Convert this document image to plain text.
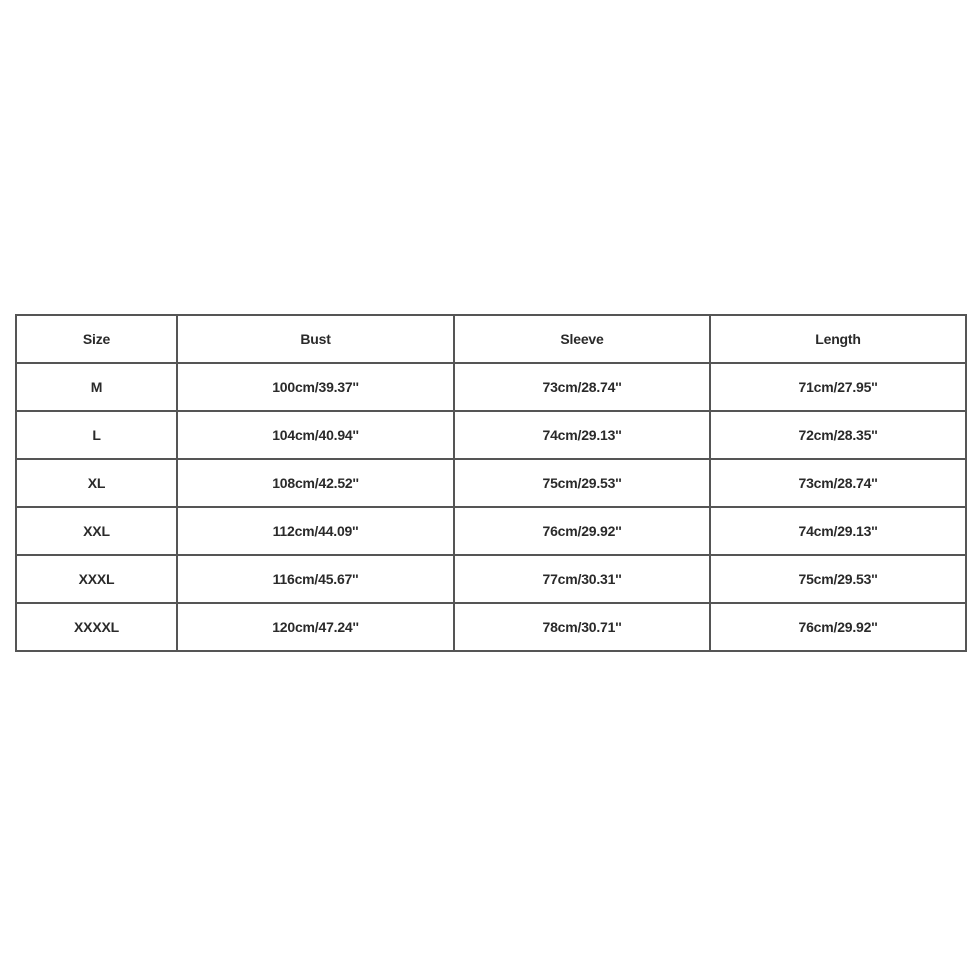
Size	Bust	Sleeve	Length
M	100cm/39.37''	73cm/28.74''	71cm/27.95''
L	104cm/40.94''	74cm/29.13''	72cm/28.35''
XL	108cm/42.52''	75cm/29.53''	73cm/28.74''
XXL	112cm/44.09''	76cm/29.92''	74cm/29.13''
XXXL	116cm/45.67''	77cm/30.31''	75cm/29.53''
XXXXL	120cm/47.24''	78cm/30.71''	76cm/29.92''
